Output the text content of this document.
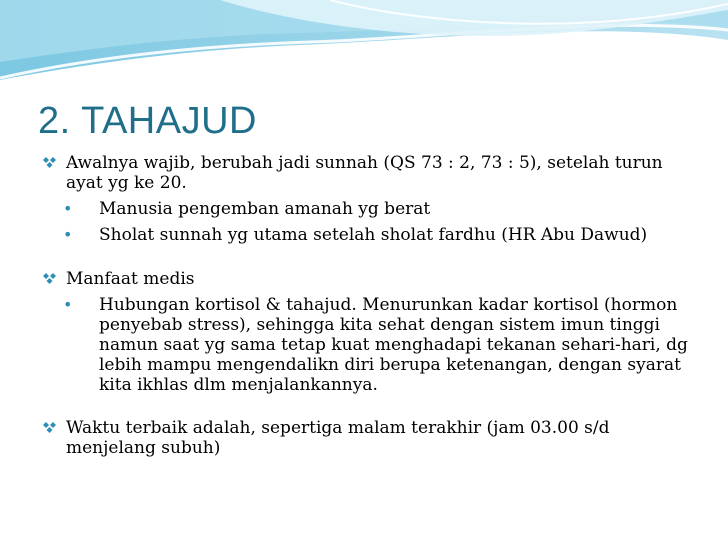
2. TAHAJUD
Awalnya wajib, berubah jadi sunnah (QS 73 : 2, 73 : 5), setelah turun ayat yg ke 20.
• Manusia pengemban amanah yg berat
• Sholat sunnah yg utama setelah sholat fardhu (HR Abu Dawud)
Manfaat medis
• Hubungan kortisol & tahajud. Menurunkan kadar kortisol (hormon penyebab stress), sehingga kita sehat dengan sistem imun tinggi namun saat yg sama tetap kuat menghadapi tekanan sehari-hari, dg lebih mampu mengendalikn diri berupa ketenangan, dengan syarat kita ikhlas dlm menjalankannya.
Waktu terbaik adalah, sepertiga malam terakhir (jam 03.00 s/d menjelang subuh)
